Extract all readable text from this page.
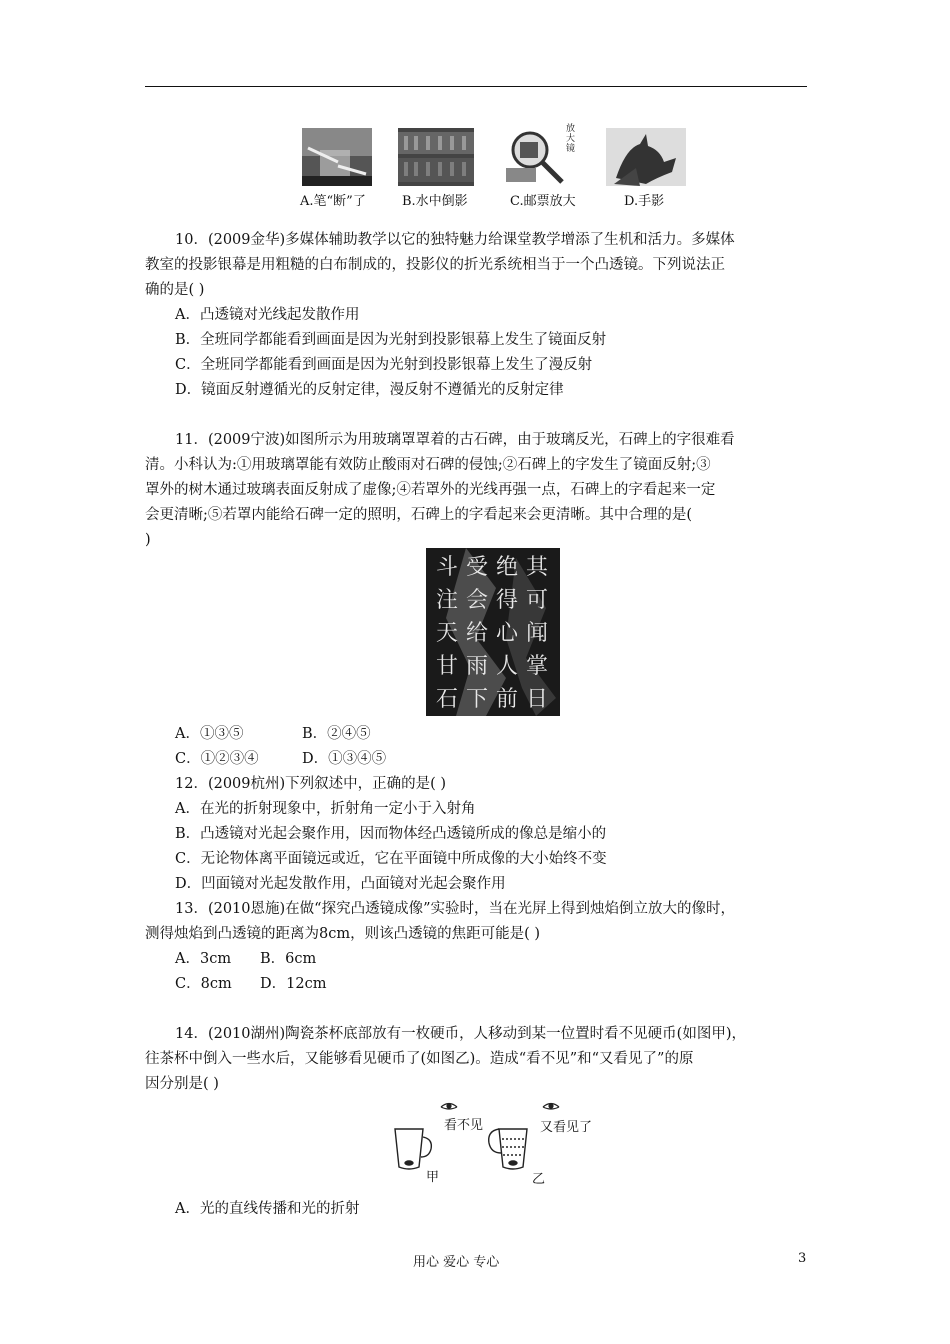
放大镜
A.笔“断”了	B.水中倒影	C.邮票放大	D.手影
10．(2009金华)多媒体辅助教学以它的独特魅力给课堂教学增添了生机和活力。多媒体
教室的投影银幕是用粗糙的白布制成的，投影仪的折光系统相当于一个凸透镜。下列说法正
确的是( )
A．凸透镜对光线起发散作用
B．全班同学都能看到画面是因为光射到投影银幕上发生了镜面反射
C．全班同学都能看到画面是因为光射到投影银幕上发生了漫反射
D．镜面反射遵循光的反射定律，漫反射不遵循光的反射定律
11．(2009宁波)如图所示为用玻璃罩罩着的古石碑，由于玻璃反光，石碑上的字很难看
清。小科认为:①用玻璃罩能有效防止酸雨对石碑的侵蚀;②石碑上的字发生了镜面反射;③
罩外的树木通过玻璃表面反射成了虚像;④若罩外的光线再强一点，石碑上的字看起来一定
会更清晰;⑤若罩内能给石碑一定的照明，石碑上的字看起来会更清晰。其中合理的是(
)
斗 受 绝 其
注 会 得 可
天 给 心 闻
甘 雨 人 掌
石 下 前 日
A．①③⑤	B．②④⑤
C．①②③④	D．①③④⑤
12．(2009杭州)下列叙述中，正确的是( )
A．在光的折射现象中，折射角一定小于入射角
B．凸透镜对光起会聚作用，因而物体经凸透镜所成的像总是缩小的
C．无论物体离平面镜远或近，它在平面镜中所成像的大小始终不变
D．凹面镜对光起发散作用，凸面镜对光起会聚作用
13．(2010恩施)在做“探究凸透镜成像”实验时，当在光屏上得到烛焰倒立放大的像时，
测得烛焰到凸透镜的距离为8cm，则该凸透镜的焦距可能是( )
A．3cm B．6cm
C．8cm D．12cm
14．(2010湖州)陶瓷茶杯底部放有一枚硬币，人移动到某一位置时看不见硬币(如图甲)，
往茶杯中倒入一些水后，又能够看见硬币了(如图乙)。造成“看不见”和“又看见了”的原
因分别是( )
看不见	又看见了
甲	乙
A．光的直线传播和光的折射
用心 爱心 专心	3
